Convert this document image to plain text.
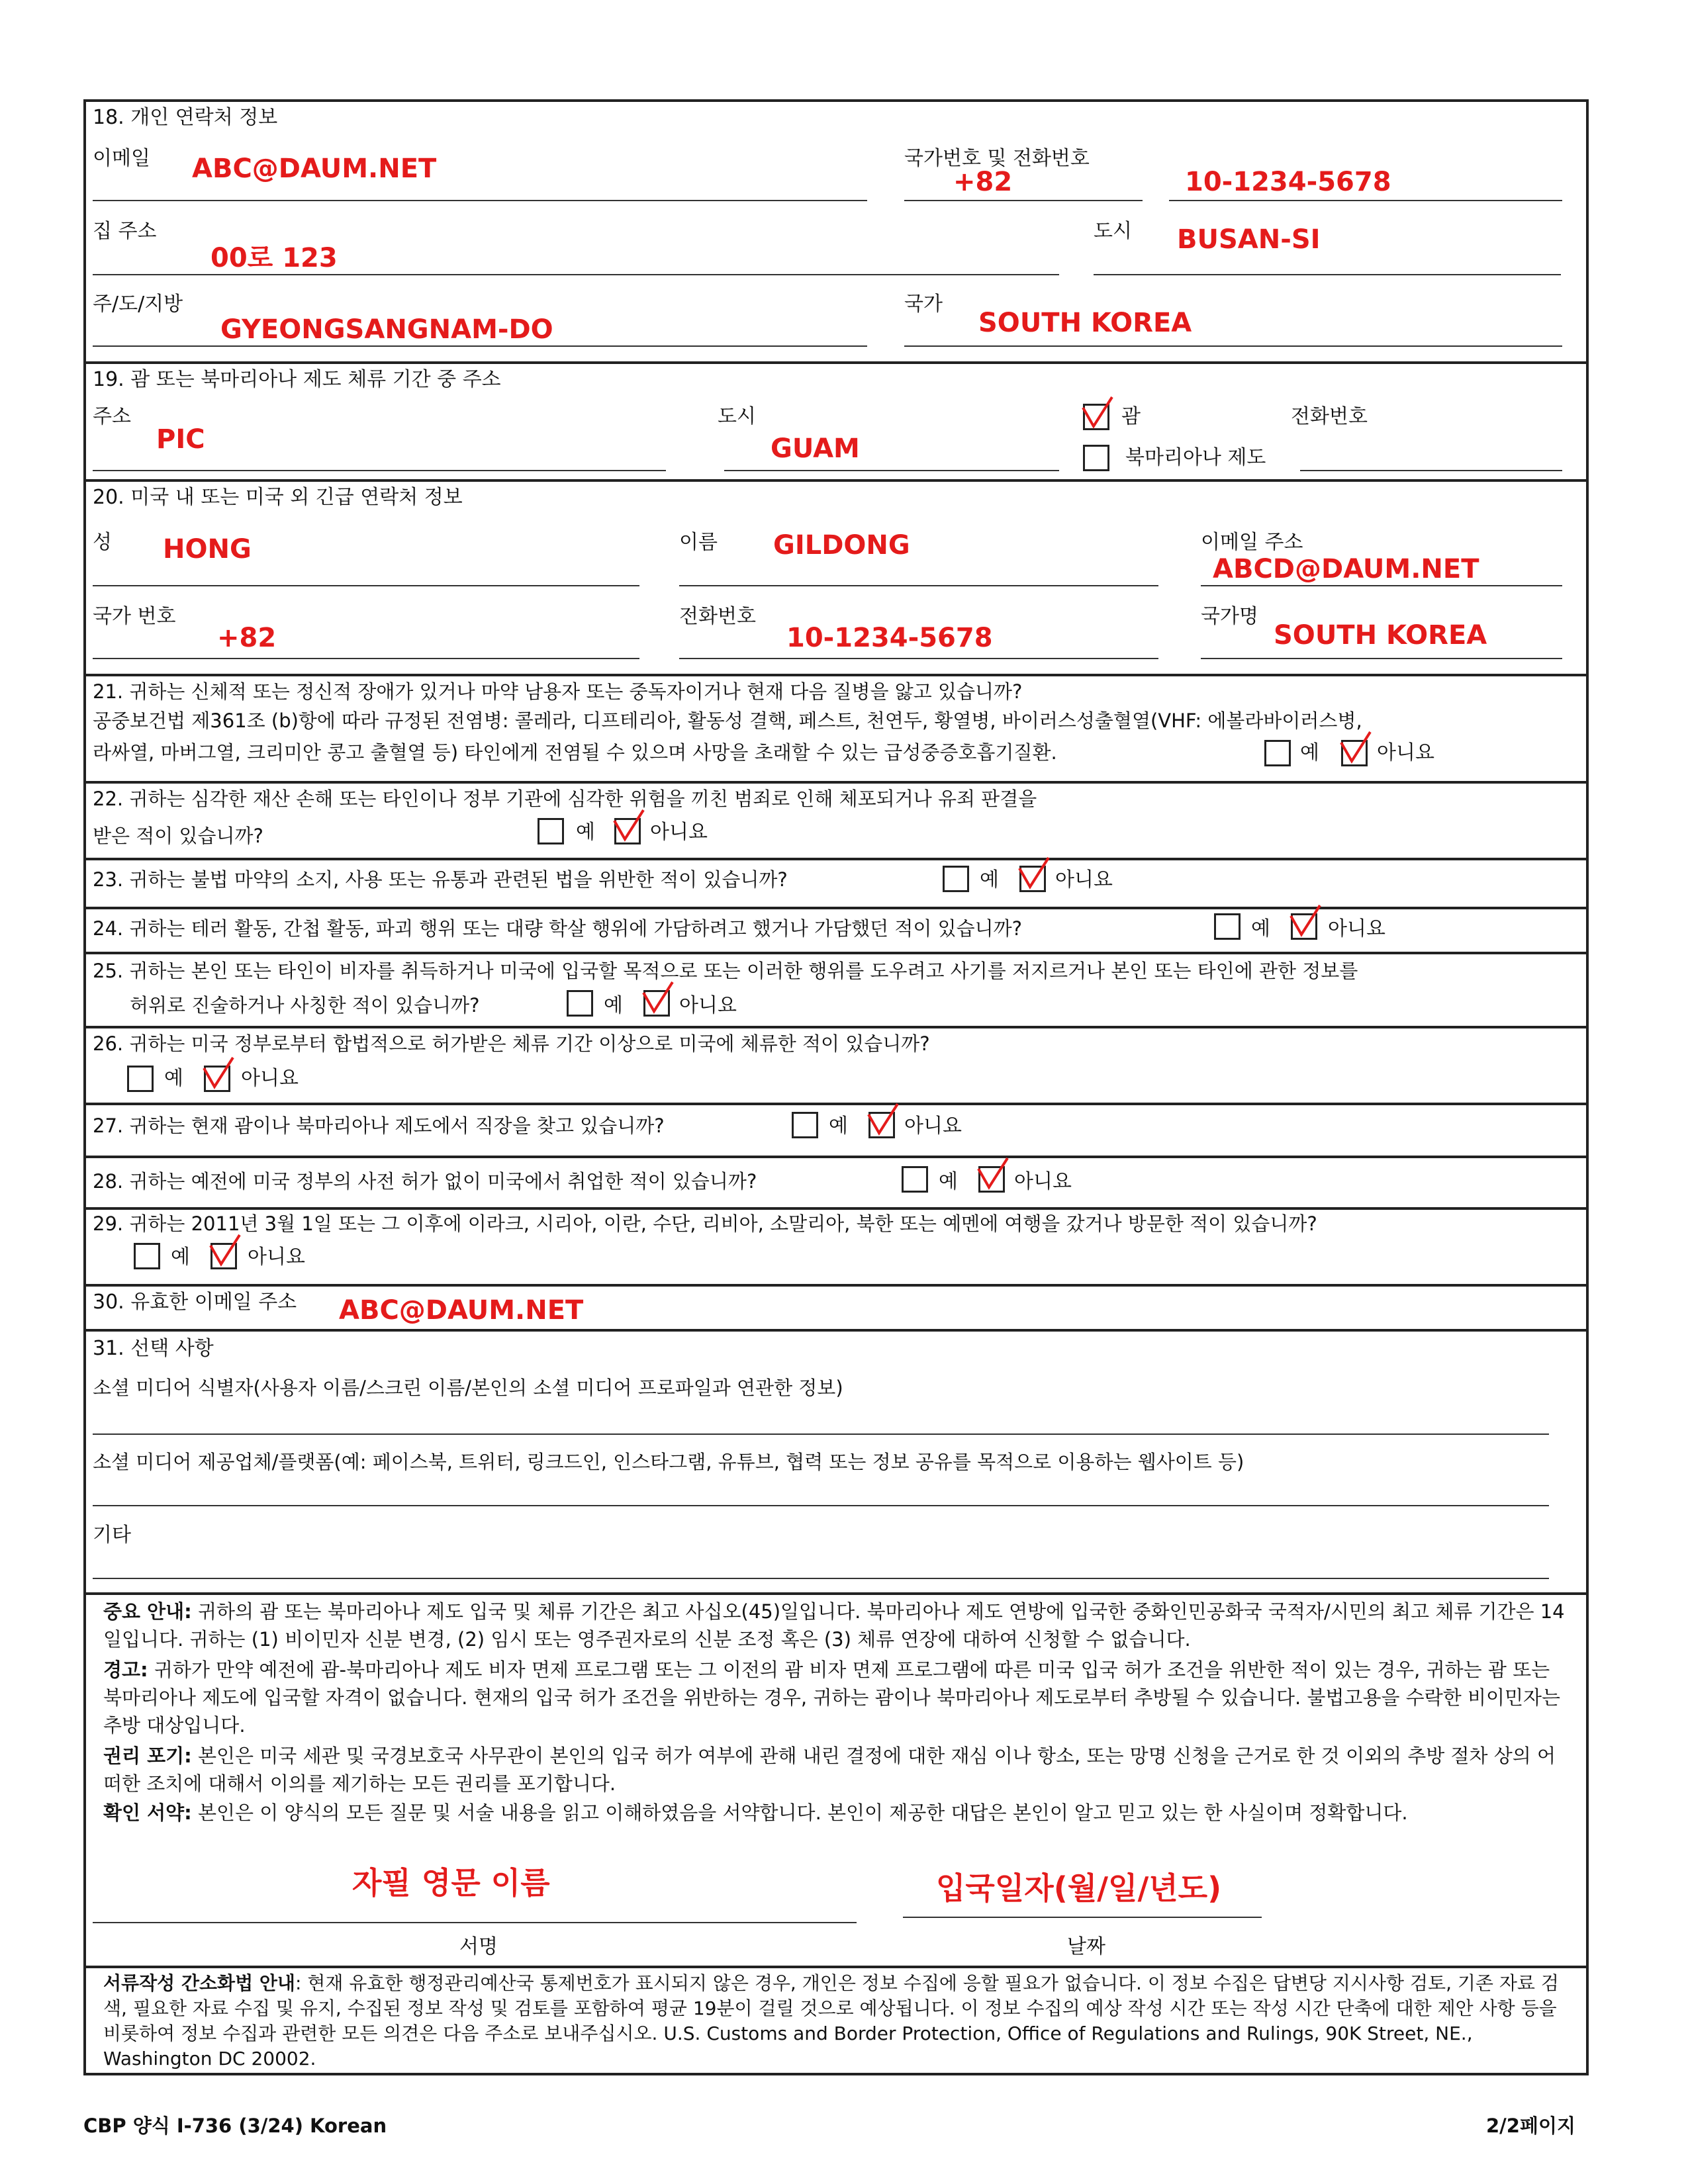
18. 개인 연락처 정보
이메일 ABC@DAUM.NET	국가번호 및 전화번호
+82	10-1234-5678
집 주소
00로 123
도시 BUSAN-SI
주/도/지방
GYEONGSANGNAM-DO
국가
SOUTH KOREA
19. 괌 또는 북마리아나 제도 체류 기간 중 주소
주소
PIC
도시
GUAM
괌
북마리아나 제도
전화번호
20. 미국 내 또는 미국 외 긴급 연락처 정보
성 HONG	이름 GILDONG	이메일 주소
ABCD@DAUM.NET
국가 번호
+82
전화번호
10-1234-5678
국가명
SOUTH KOREA
21. 귀하는 신체적 또는 정신적 장애가 있거나 마약 남용자 또는 중독자이거나 현재 다음 질병을 앓고 있습니까?
공중보건법 제361조 (b)항에 따라 규정된 전염병: 콜레라, 디프테리아, 활동성 결핵, 페스트, 천연두, 황열병, 바이러스성출혈열(VHF: 에볼라바이러스병,
라싸열, 마버그열, 크리미안 콩고 출혈열 등) 타인에게 전염될 수 있으며 사망을 초래할 수 있는 급성중증호흡기질환.	예	아니요
22. 귀하는 심각한 재산 손해 또는 타인이나 정부 기관에 심각한 위험을 끼친 범죄로 인해 체포되거나 유죄 판결을
받은 적이 있습니까?	예	아니요
23. 귀하는 불법 마약의 소지, 사용 또는 유통과 관련된 법을 위반한 적이 있습니까?	예	아니요
24. 귀하는 테러 활동, 간첩 활동, 파괴 행위 또는 대량 학살 행위에 가담하려고 했거나 가담했던 적이 있습니까?	예	아니요
25. 귀하는 본인 또는 타인이 비자를 취득하거나 미국에 입국할 목적으로 또는 이러한 행위를 도우려고 사기를 저지르거나 본인 또는 타인에 관한 정보를
허위로 진술하거나 사칭한 적이 있습니까?	예	아니요
26. 귀하는 미국 정부로부터 합법적으로 허가받은 체류 기간 이상으로 미국에 체류한 적이 있습니까?
예	아니요
27. 귀하는 현재 괌이나 북마리아나 제도에서 직장을 찾고 있습니까?	예	아니요
28. 귀하는 예전에 미국 정부의 사전 허가 없이 미국에서 취업한 적이 있습니까?	예	아니요
29. 귀하는 2011년 3월 1일 또는 그 이후에 이라크, 시리아, 이란, 수단, 리비아, 소말리아, 북한 또는 예멘에 여행을 갔거나 방문한 적이 있습니까?
예	아니요
30. 유효한 이메일 주소 ABC@DAUM.NET
31. 선택 사항
소셜 미디어 식별자(사용자 이름/스크린 이름/본인의 소셜 미디어 프로파일과 연관한 정보)
소셜 미디어 제공업체/플랫폼(예: 페이스북, 트위터, 링크드인, 인스타그램, 유튜브, 협력 또는 정보 공유를 목적으로 이용하는 웹사이트 등)
기타
중요 안내: 귀하의 괌 또는 북마리아나 제도 입국 및 체류 기간은 최고 사십오(45)일입니다. 북마리아나 제도 연방에 입국한 중화인민공화국 국적자/시민의 최고 체류 기간은 14일입니다. 귀하는 (1) 비이민자 신분 변경, (2) 임시 또는 영주권자로의 신분 조정 혹은 (3) 체류 연장에 대하여 신청할 수 없습니다.
경고: 귀하가 만약 예전에 괌-북마리아나 제도 비자 면제 프로그램 또는 그 이전의 괌 비자 면제 프로그램에 따른 미국 입국 허가 조건을 위반한 적이 있는 경우, 귀하는 괌 또는 북마리아나 제도에 입국할 자격이 없습니다. 현재의 입국 허가 조건을 위반하는 경우, 귀하는 괌이나 북마리아나 제도로부터 추방될 수 있습니다. 불법고용을 수락한 비이민자는 추방 대상입니다.
권리 포기: 본인은 미국 세관 및 국경보호국 사무관이 본인의 입국 허가 여부에 관해 내린 결정에 대한 재심 이나 항소, 또는 망명 신청을 근거로 한 것 이외의 추방 절차 상의 어떠한 조치에 대해서 이의를 제기하는 모든 권리를 포기합니다.
확인 서약: 본인은 이 양식의 모든 질문 및 서술 내용을 읽고 이해하였음을 서약합니다. 본인이 제공한 대답은 본인이 알고 믿고 있는 한 사실이며 정확합니다.
자필 영문 이름
서명
입국일자(월/일/년도)
날짜
서류작성 간소화법 안내: 현재 유효한 행정관리예산국 통제번호가 표시되지 않은 경우, 개인은 정보 수집에 응할 필요가 없습니다. 이 정보 수집은 답변당 지시사항 검토, 기존 자료 검색, 필요한 자료 수집 및 유지, 수집된 정보 작성 및 검토를 포함하여 평균 19분이 걸릴 것으로 예상됩니다. 이 정보 수집의 예상 작성 시간 또는 작성 시간 단축에 대한 제안 사항 등을 비롯하여 정보 수집과 관련한 모든 의견은 다음 주소로 보내주십시오. U.S. Customs and Border Protection, Office of Regulations and Rulings, 90K Street, NE., Washington DC 20002.
CBP 양식 I-736 (3/24) Korean	2/2페이지
